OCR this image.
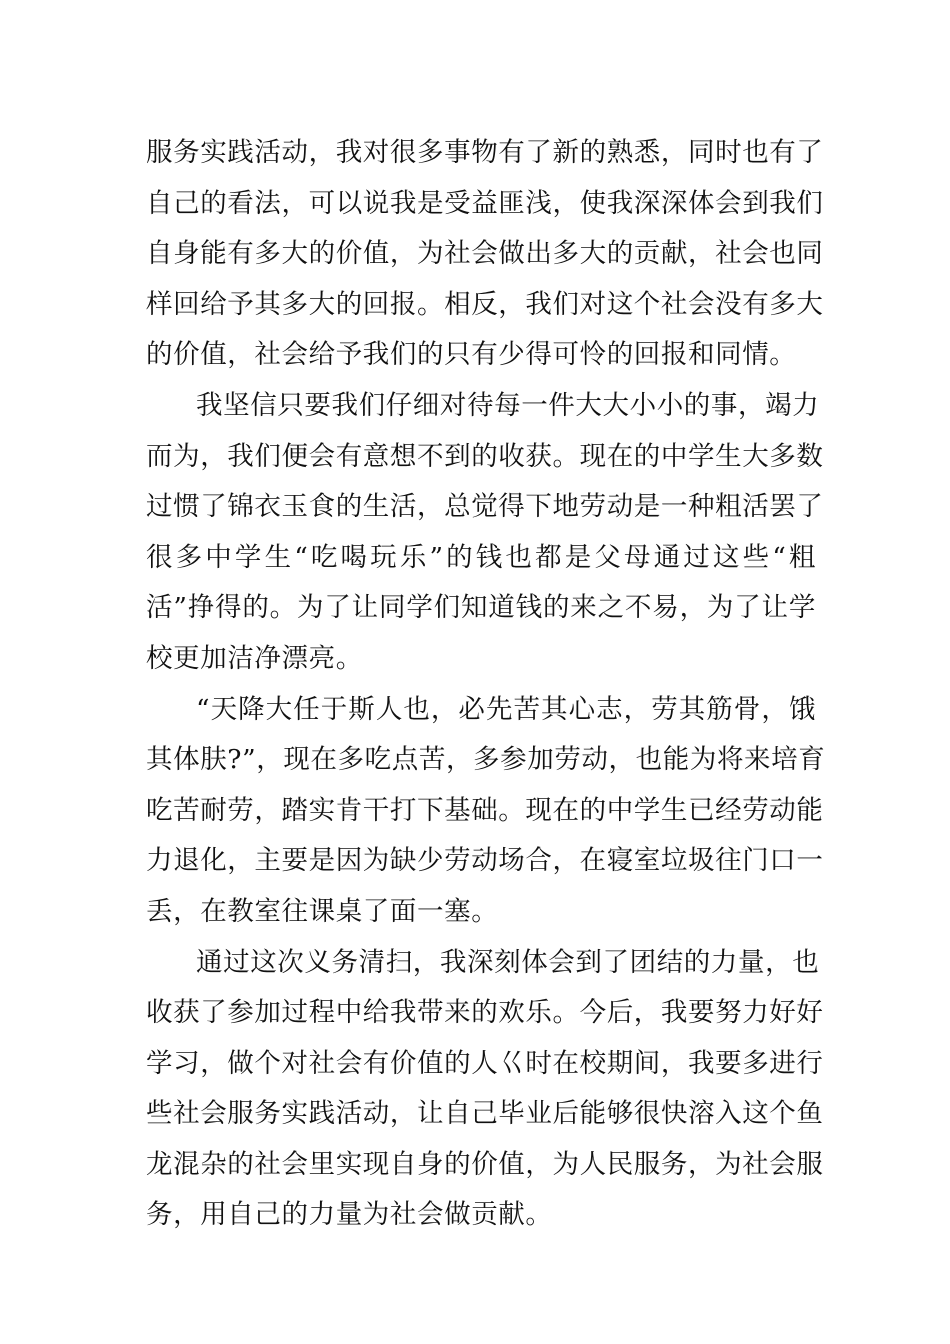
服务实践活动，我对很多事物有了新的熟悉，同时也有了
自己的看法，可以说我是受益匪浅，使我深深体会到我们
自身能有多大的价值，为社会做出多大的贡献，社会也同
样回给予其多大的回报。相反，我们对这个社会没有多大
的价值，社会给予我们的只有少得可怜的回报和同情。
我坚信只要我们仔细对待每一件大大小小的事，竭力
而为，我们便会有意想不到的收获。现在的中学生大多数
过惯了锦衣玉食的生活，总觉得下地劳动是一种粗活罢了
很多中学生“吃喝玩乐”的钱也都是父母通过这些“粗
活”挣得的。为了让同学们知道钱的来之不易，为了让学
校更加洁净漂亮。
“天降大任于斯人也，必先苦其心志，劳其筋骨，饿
其体肤?”，现在多吃点苦，多参加劳动，也能为将来培育
吃苦耐劳，踏实肯干打下基础。现在的中学生已经劳动能
力退化，主要是因为缺少劳动场合，在寝室垃圾往门口一
丢，在教室往课桌了面一塞。
通过这次义务清扫，我深刻体会到了团结的力量，也
收获了参加过程中给我带来的欢乐。今后，我要努力好好
学习，做个对社会有价值的人巜时在校期间，我要多进行
些社会服务实践活动，让自己毕业后能够很快溶入这个鱼
龙混杂的社会里实现自身的价值，为人民服务，为社会服
务，用自己的力量为社会做贡献。
